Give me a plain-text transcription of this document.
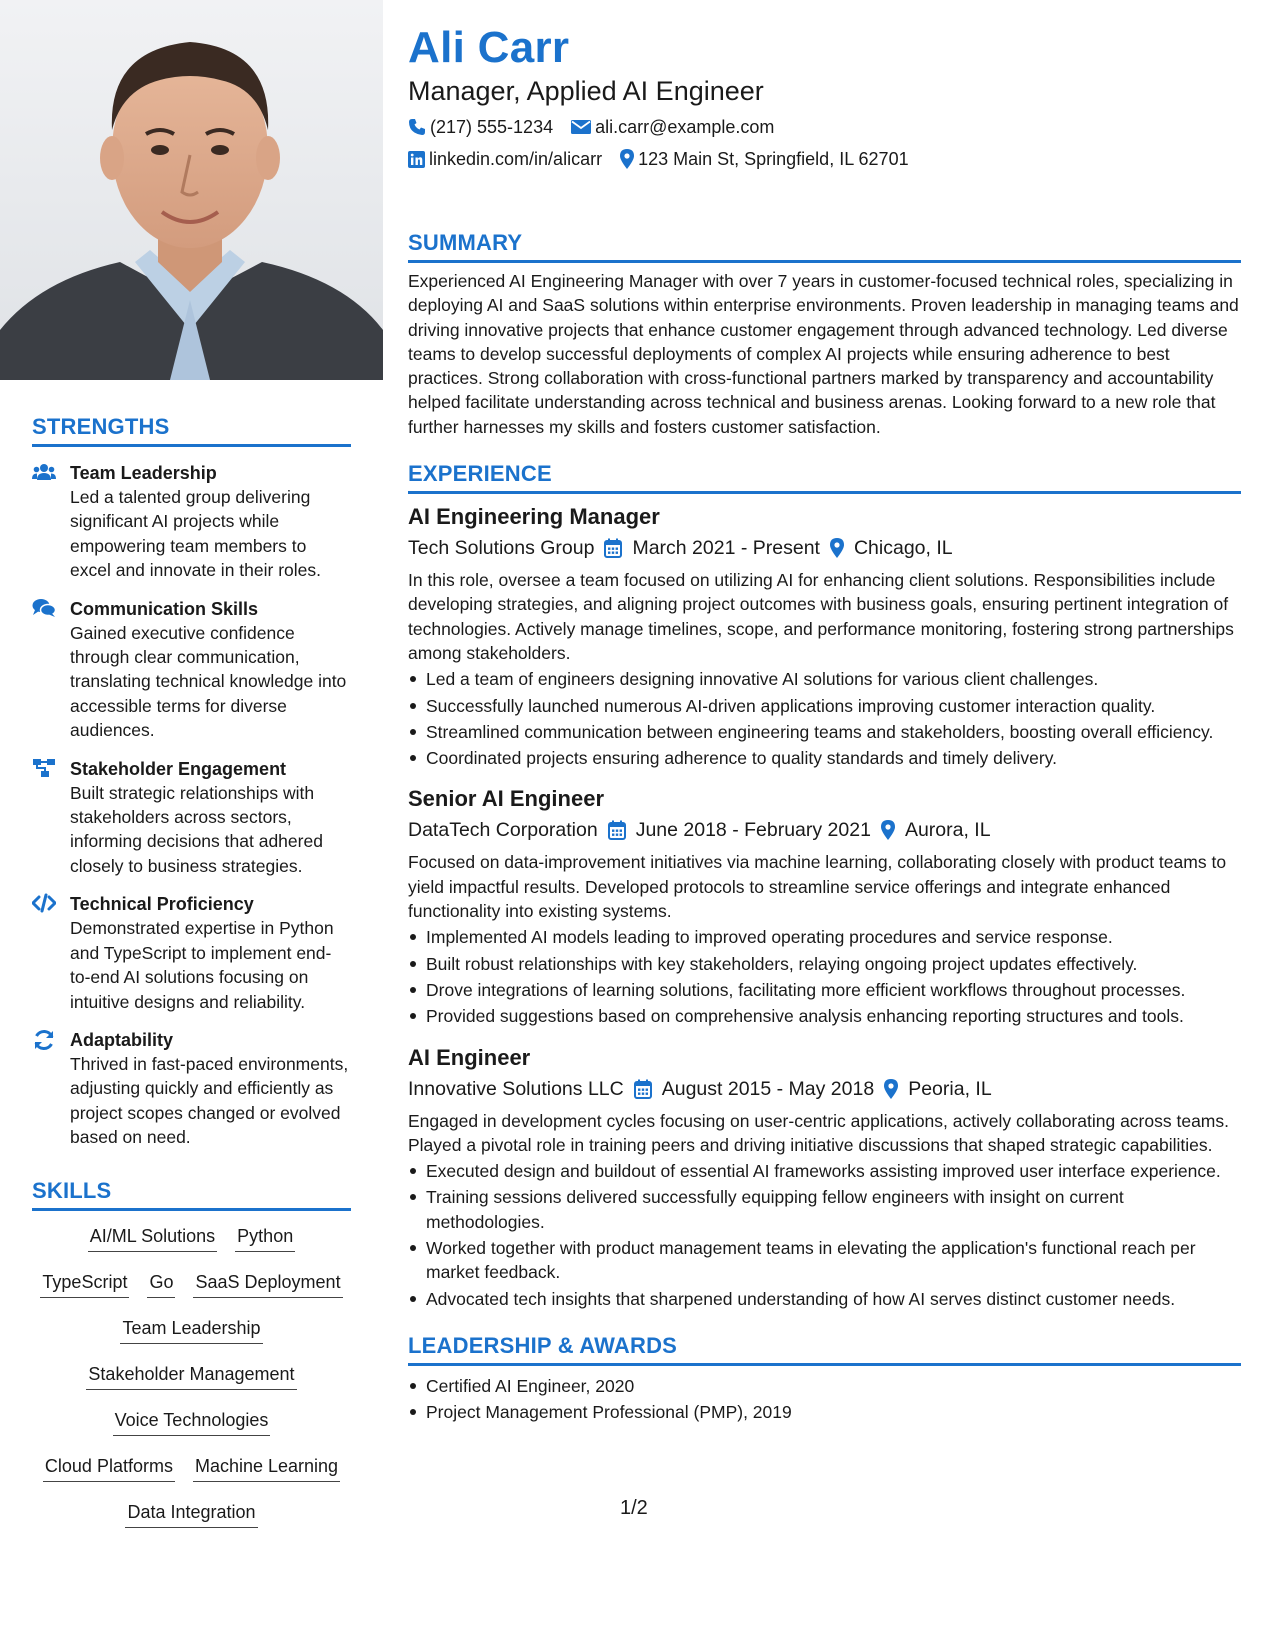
STRENGTHS
Team Leadership
Led a talented group delivering significant AI projects while empowering team members to excel and innovate in their roles.
Communication Skills
Gained executive confidence through clear communication, translating technical knowledge into accessible terms for diverse audiences.
Stakeholder Engagement
Built strategic relationships with stakeholders across sectors, informing decisions that adhered closely to business strategies.
Technical Proficiency
Demonstrated expertise in Python and TypeScript to implement end-to-end AI solutions focusing on intuitive designs and reliability.
Adaptability
Thrived in fast-paced environments, adjusting quickly and efficiently as project scopes changed or evolved based on need.
SKILLS
AI/ML Solutions Python
TypeScript Go SaaS Deployment
Team Leadership
Stakeholder Management
Voice Technologies
Cloud Platforms Machine Learning
Data Integration
Ali Carr
Manager, Applied AI Engineer
(217) 555-1234 ali.carr@example.com
linkedin.com/in/alicarr 123 Main St, Springfield, IL 62701
SUMMARY
Experienced AI Engineering Manager with over 7 years in customer-focused technical roles, specializing in deploying AI and SaaS solutions within enterprise environments. Proven leadership in managing teams and driving innovative projects that enhance customer engagement through advanced technology. Led diverse teams to develop successful deployments of complex AI projects while ensuring adherence to best practices. Strong collaboration with cross-functional partners marked by transparency and accountability helped facilitate understanding across technical and business arenas. Looking forward to a new role that further harnesses my skills and fosters customer satisfaction.
EXPERIENCE
AI Engineering Manager
Tech Solutions Group March 2021 - Present Chicago, IL
In this role, oversee a team focused on utilizing AI for enhancing client solutions. Responsibilities include developing strategies, and aligning project outcomes with business goals, ensuring pertinent integration of technologies. Actively manage timelines, scope, and performance monitoring, fostering strong partnerships among stakeholders.
Led a team of engineers designing innovative AI solutions for various client challenges.
Successfully launched numerous AI-driven applications improving customer interaction quality.
Streamlined communication between engineering teams and stakeholders, boosting overall efficiency.
Coordinated projects ensuring adherence to quality standards and timely delivery.
Senior AI Engineer
DataTech Corporation June 2018 - February 2021 Aurora, IL
Focused on data-improvement initiatives via machine learning, collaborating closely with product teams to yield impactful results. Developed protocols to streamline service offerings and integrate enhanced functionality into existing systems.
Implemented AI models leading to improved operating procedures and service response.
Built robust relationships with key stakeholders, relaying ongoing project updates effectively.
Drove integrations of learning solutions, facilitating more efficient workflows throughout processes.
Provided suggestions based on comprehensive analysis enhancing reporting structures and tools.
AI Engineer
Innovative Solutions LLC August 2015 - May 2018 Peoria, IL
Engaged in development cycles focusing on user-centric applications, actively collaborating across teams. Played a pivotal role in training peers and driving initiative discussions that shaped strategic capabilities.
Executed design and buildout of essential AI frameworks assisting improved user interface experience.
Training sessions delivered successfully equipping fellow engineers with insight on current methodologies.
Worked together with product management teams in elevating the application's functional reach per market feedback.
Advocated tech insights that sharpened understanding of how AI serves distinct customer needs.
LEADERSHIP & AWARDS
Certified AI Engineer, 2020
Project Management Professional (PMP), 2019
1/2
